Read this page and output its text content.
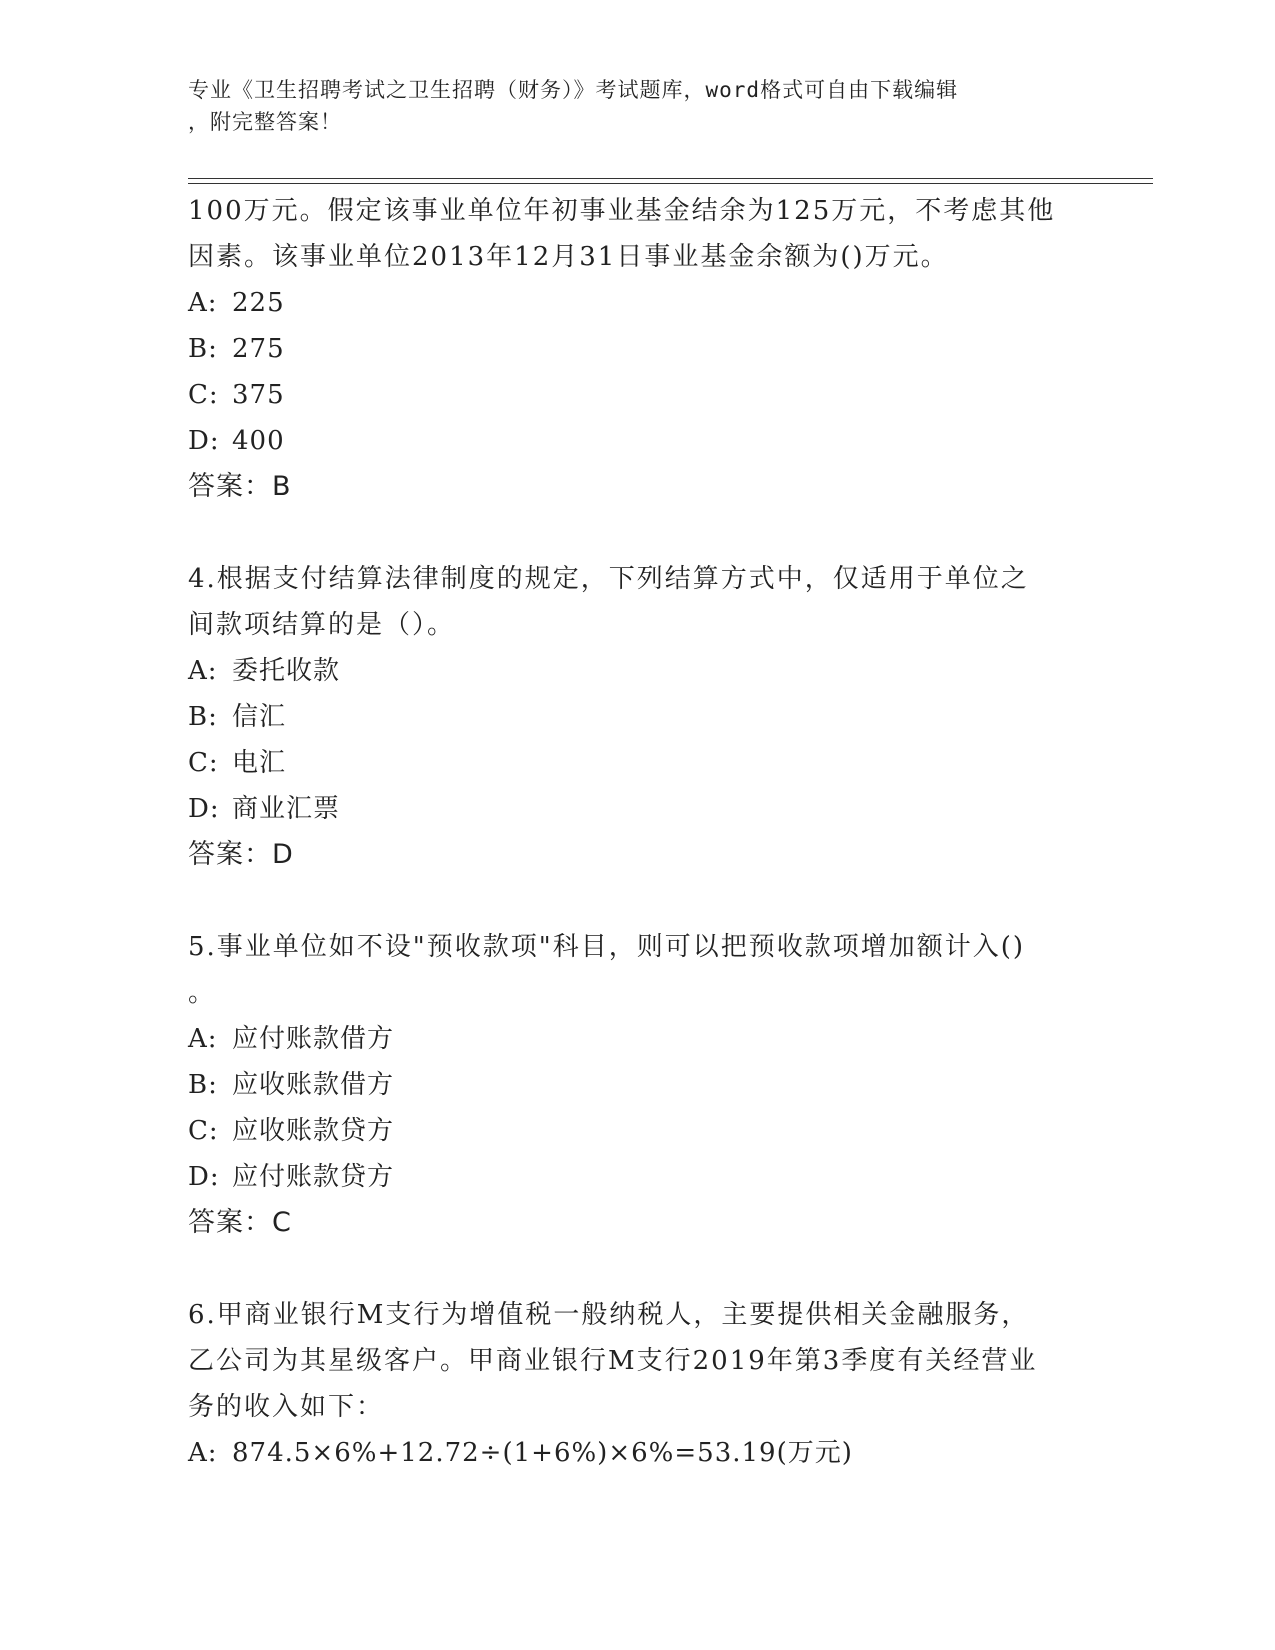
专业《卫生招聘考试之卫生招聘（财务）》考试题库，word格式可自由下载编辑
，附完整答案！
100万元。假定该事业单位年初事业基金结余为125万元，不考虑其他
因素。该事业单位2013年12月31日事业基金余额为()万元。
A: 225
B: 275
C: 375
D: 400
答案：B
4.根据支付结算法律制度的规定，下列结算方式中，仅适用于单位之
间款项结算的是（）。
A: 委托收款
B: 信汇
C: 电汇
D: 商业汇票
答案：D
5.事业单位如不设"预收款项"科目，则可以把预收款项增加额计入()
。
A: 应付账款借方
B: 应收账款借方
C: 应收账款贷方
D: 应付账款贷方
答案：C
6.甲商业银行M支行为增值税一般纳税人，主要提供相关金融服务，
乙公司为其星级客户。甲商业银行M支行2019年第3季度有关经营业
务的收入如下：
A: 874.5×6%+12.72÷(1+6%)×6%=53.19(万元)
